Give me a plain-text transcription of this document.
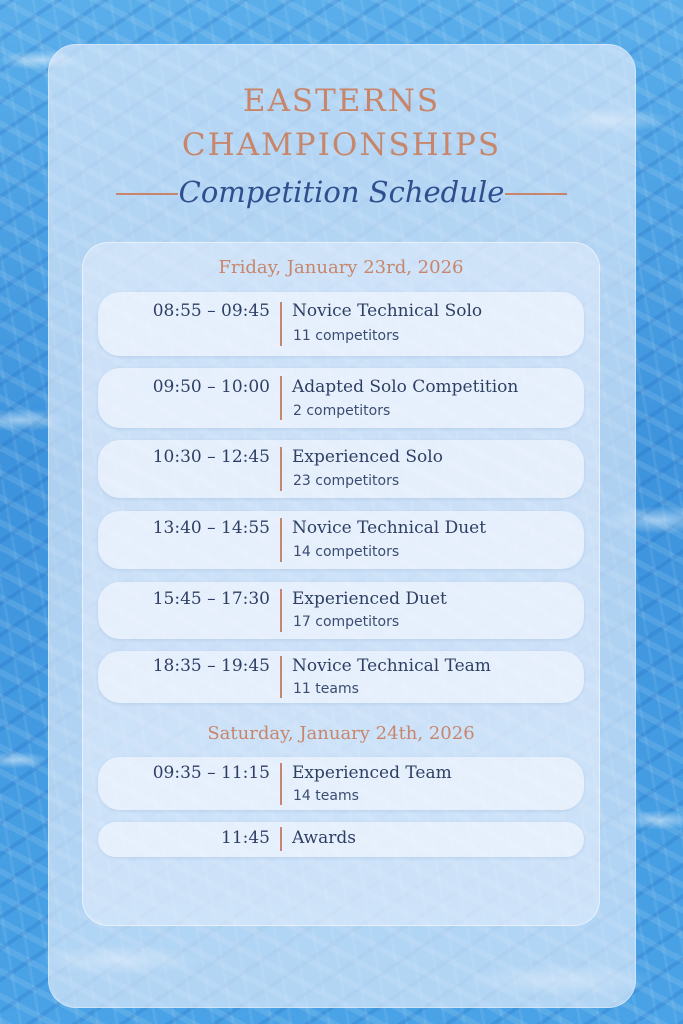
EASTERNS
CHAMPIONSHIPS
Competition Schedule
Friday, January 23rd, 2026
08:55 – 09:45 Novice Technical Solo
11 competitors
09:50 – 10:00 Adapted Solo Competition
2 competitors
10:30 – 12:45 Experienced Solo
23 competitors
13:40 – 14:55 Novice Technical Duet
14 competitors
15:45 – 17:30 Experienced Duet
17 competitors
18:35 – 19:45 Novice Technical Team
11 teams
Saturday, January 24th, 2026
09:35 – 11:15 Experienced Team
14 teams
11:45 Awards
